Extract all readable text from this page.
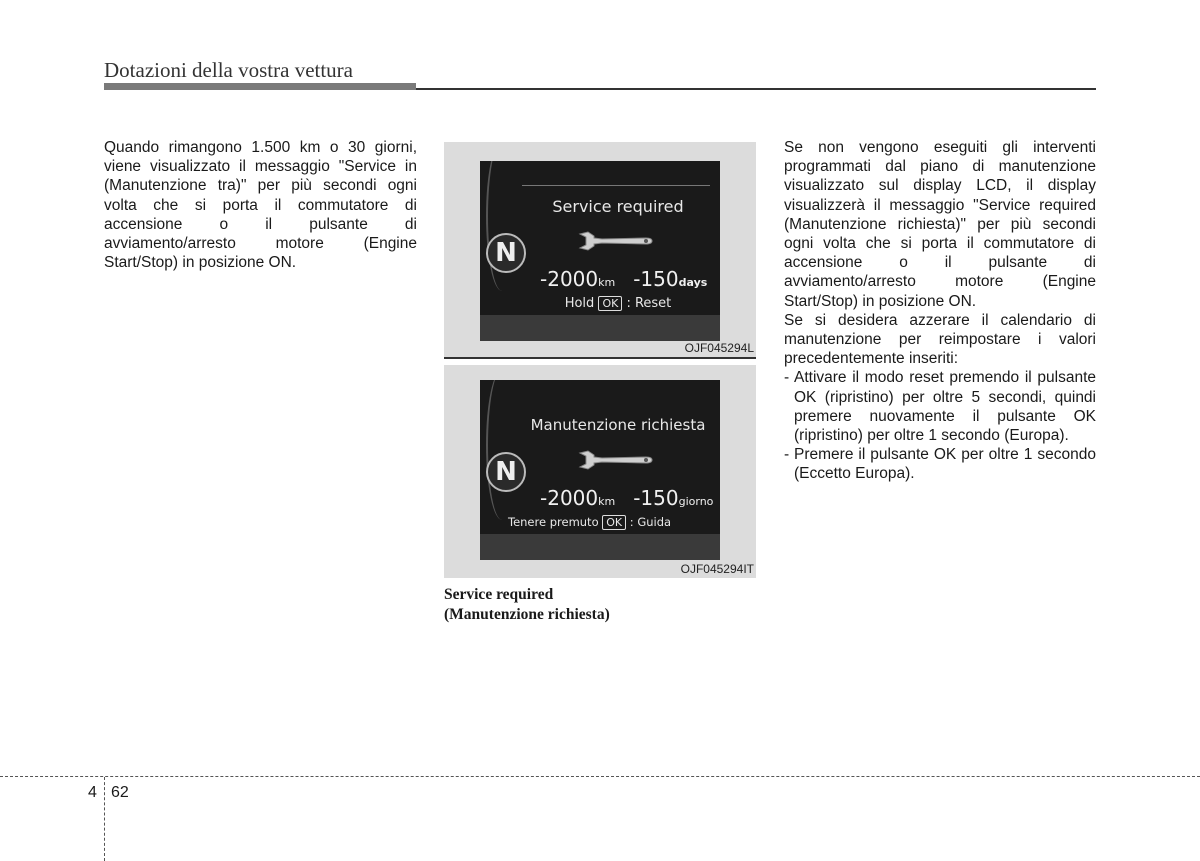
Dotazioni della vostra vettura
Quando rimangono 1.500 km o 30 giorni, viene visualizzato il messaggio "Service in (Manutenzione tra)" per più secondi ogni volta che si porta il commutatore di accensione o il pulsante di avviamento/arresto motore (Engine Start/Stop) in posizione ON.	N
Service required
-2000km -150days
Hold OK : Reset
OJF045294L
N
Manutenzione richiesta
-2000km -150giorno
Tenere premuto OK : Guida
OJF045294IT
Service required
(Manutenzione richiesta)

Se non vengono eseguiti gli interventi programmati dal piano di manutenzione visualizzato sul display LCD, il display visualizzerà il messaggio "Service required (Manutenzione richiesta)" per più secondi ogni volta che si porta il commutatore di accensione o il pulsante di avviamento/arresto motore (Engine Start/Stop) in posizione ON.

Se si desidera azzerare il calendario di manutenzione per reimpostare i valori precedentemente inseriti:

- Attivare il modo reset premendo il pulsante OK (ripristino) per oltre 5 secondi, quindi premere nuovamente il pulsante OK (ripristino) per oltre 1 secondo (Europa).
- Premere il pulsante OK per oltre 1 secondo (Eccetto Europa).
4 62
